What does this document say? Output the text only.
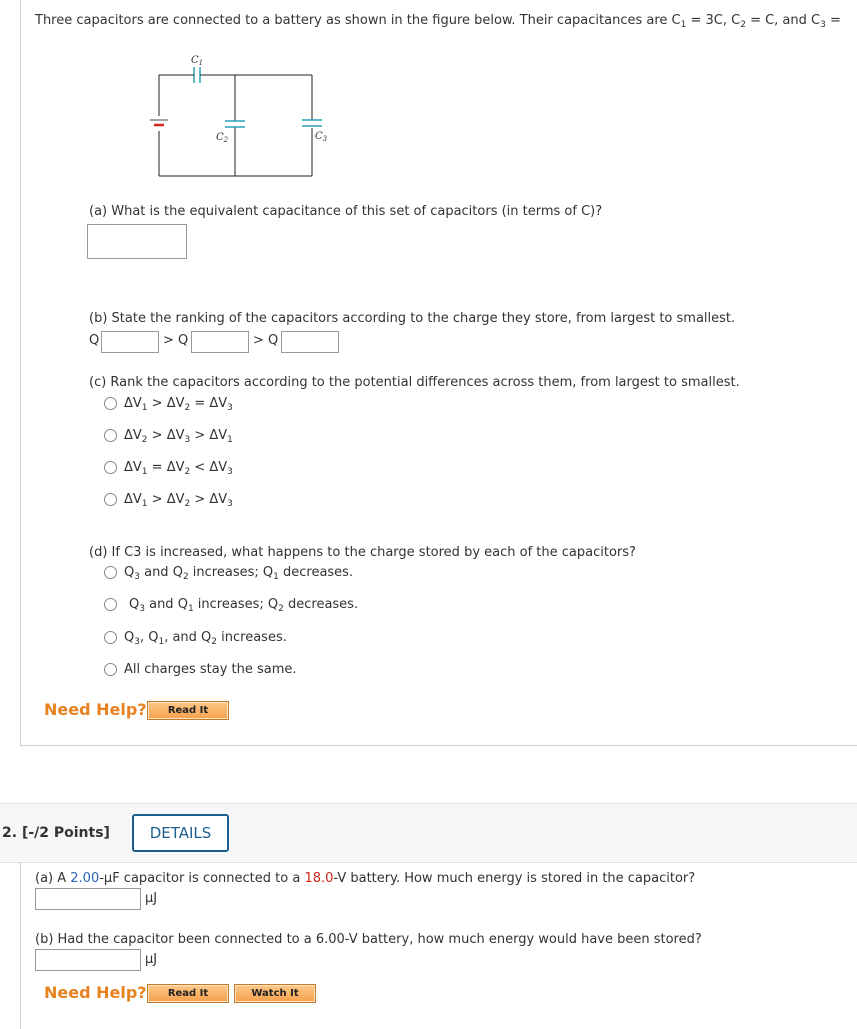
Three capacitors are connected to a battery as shown in the figure below. Their capacitances are $C_1 = 3C$, $C_2 = C$, and $C_3$ =
$C_1$
$C_2$	$C_3$
(a) What is the equivalent capacitance of this set of capacitors (in terms of C)?
(b) State the ranking of the capacitors according to the charge they store, from largest to smallest.
Q	> Q	> Q
(c) Rank the capacitors according to the potential differences across them, from largest to smallest.
$\Delta V_1 > \Delta V_2 = \Delta V_3$
$\Delta V_2 > \Delta V_3 > \Delta V_1$
$\Delta V_1 = \Delta V_2 < \Delta V_3$
$\Delta V_1 > \Delta V_2 > \Delta V_3$
(d) If C3 is increased, what happens to the charge stored by each of the capacitors?
$Q_3$ and $Q_2$ increases; $Q_1$ decreases.
$Q_3$ and $Q_1$ increases; $Q_2$ decreases.
$Q_3$, $Q_1$, and $Q_2$ increases.
All charges stay the same.
Need Help?	Read It
2. [-/2 Points]	DETAILS
(a) A 2.00-µF capacitor is connected to a 18.0-V battery. How much energy is stored in the capacitor?
µJ
(b) Had the capacitor been connected to a 6.00-V battery, how much energy would have been stored?
µJ
Need Help?	Read It	Watch It
